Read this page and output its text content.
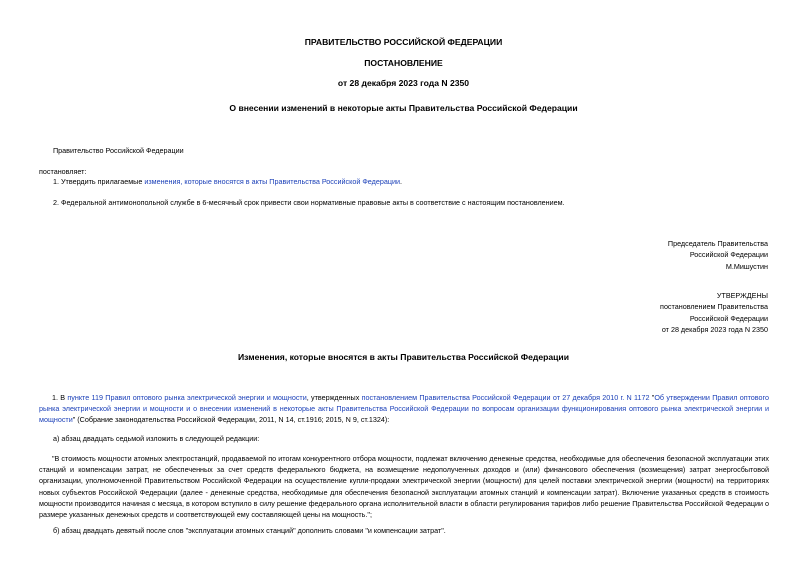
ПРАВИТЕЛЬСТВО РОССИЙСКОЙ ФЕДЕРАЦИИ
ПОСТАНОВЛЕНИЕ
от 28 декабря 2023 года N 2350
О внесении изменений в некоторые акты Правительства Российской Федерации
Правительство Российской Федерации
постановляет:
1. Утвердить прилагаемые изменения, которые вносятся в акты Правительства Российской Федерации.
2. Федеральной антимонопольной службе в 6-месячный срок привести свои нормативные правовые акты в соответствие с настоящим постановлением.
Председатель Правительства
Российской Федерации
М.Мишустин
УТВЕРЖДЕНЫ
постановлением Правительства
Российской Федерации
от 28 декабря 2023 года N 2350
Изменения, которые вносятся в акты Правительства Российской Федерации
1. В пункте 119 Правил оптового рынка электрической энергии и мощности, утвержденных постановлением Правительства Российской Федерации от 27 декабря 2010 г. N 1172 "Об утверждении Правил оптового рынка электрической энергии и мощности и о внесении изменений в некоторые акты Правительства Российской Федерации по вопросам организации функционирования оптового рынка электрической энергии и мощности" (Собрание законодательства Российской Федерации, 2011, N 14, ст.1916; 2015, N 9, ст.1324):
а) абзац двадцать седьмой изложить в следующей редакции:
"В стоимость мощности атомных электростанций, продаваемой по итогам конкурентного отбора мощности, подлежат включению денежные средства, необходимые для обеспечения безопасной эксплуатации этих станций и компенсации затрат, не обеспеченных за счет средств федерального бюджета, на возмещение недополученных доходов и (или) финансового обеспечения (возмещения) затрат энергосбытовой организации, уполномоченной Правительством Российской Федерации на осуществление купли-продажи электрической энергии (мощности) для целей поставки электрической энергии (мощности) на территориях новых субъектов Российской Федерации (далее - денежные средства, необходимые для обеспечения безопасной эксплуатации атомных станций и компенсации затрат). Включение указанных средств в стоимость мощности производится начиная с месяца, в котором вступило в силу решение федерального органа исполнительной власти в области регулирования тарифов либо решение Правительства Российской Федерации о размере указанных денежных средств и соответствующей ему составляющей цены на мощность.";
б) абзац двадцать девятый после слов "эксплуатации атомных станций" дополнить словами "и компенсации затрат".
